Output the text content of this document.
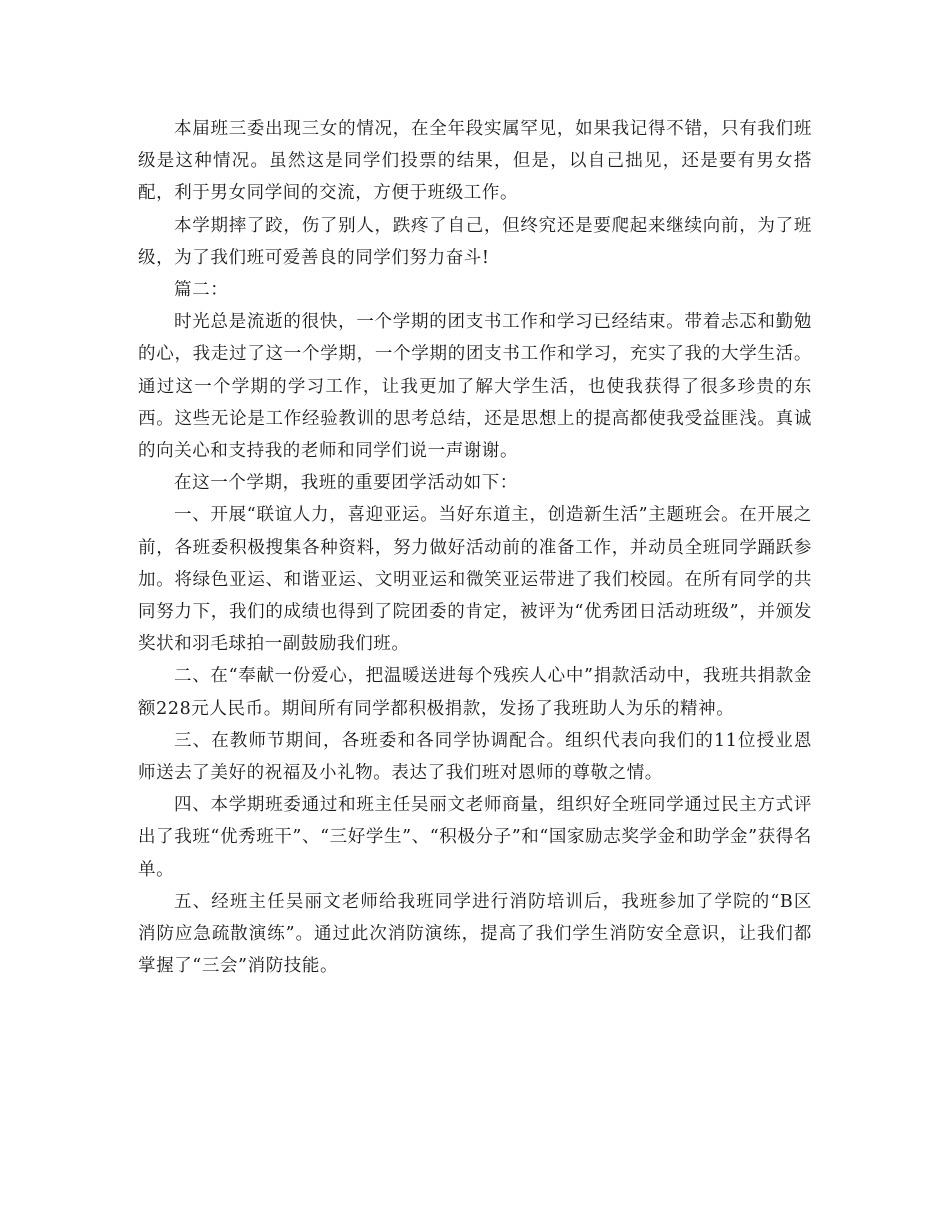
本届班三委出现三女的情况，在全年段实属罕见，如果我记得不错，只有我们班级是这种情况。虽然这是同学们投票的结果，但是，以自己拙见，还是要有男女搭配，利于男女同学间的交流，方便于班级工作。

本学期摔了跤，伤了别人，跌疼了自己，但终究还是要爬起来继续向前，为了班级，为了我们班可爱善良的同学们努力奋斗!

篇二：

时光总是流逝的很快，一个学期的团支书工作和学习已经结束。带着忐忑和勤勉的心，我走过了这一个学期，一个学期的团支书工作和学习，充实了我的大学生活。通过这一个学期的学习工作，让我更加了解大学生活，也使我获得了很多珍贵的东西。这些无论是工作经验教训的思考总结，还是思想上的提高都使我受益匪浅。真诚的向关心和支持我的老师和同学们说一声谢谢。

在这一个学期，我班的重要团学活动如下：

一、开展“联谊人力，喜迎亚运。当好东道主，创造新生活”主题班会。在开展之前，各班委积极搜集各种资料，努力做好活动前的准备工作，并动员全班同学踊跃参加。将绿色亚运、和谐亚运、文明亚运和微笑亚运带进了我们校园。在所有同学的共同努力下，我们的成绩也得到了院团委的肯定，被评为“优秀团日活动班级”，并颁发奖状和羽毛球拍一副鼓励我们班。

二、在“奉献一份爱心，把温暖送进每个残疾人心中”捐款活动中，我班共捐款金额228元人民币。期间所有同学都积极捐款，发扬了我班助人为乐的精神。

三、在教师节期间，各班委和各同学协调配合。组织代表向我们的11位授业恩师送去了美好的祝福及小礼物。表达了我们班对恩师的尊敬之情。

四、本学期班委通过和班主任吴丽文老师商量，组织好全班同学通过民主方式评出了我班“优秀班干”、“三好学生”、“积极分子”和“国家励志奖学金和助学金”获得名单。

五、经班主任吴丽文老师给我班同学进行消防培训后，我班参加了学院的“B区消防应急疏散演练”。通过此次消防演练，提高了我们学生消防安全意识，让我们都掌握了“三会”消防技能。
